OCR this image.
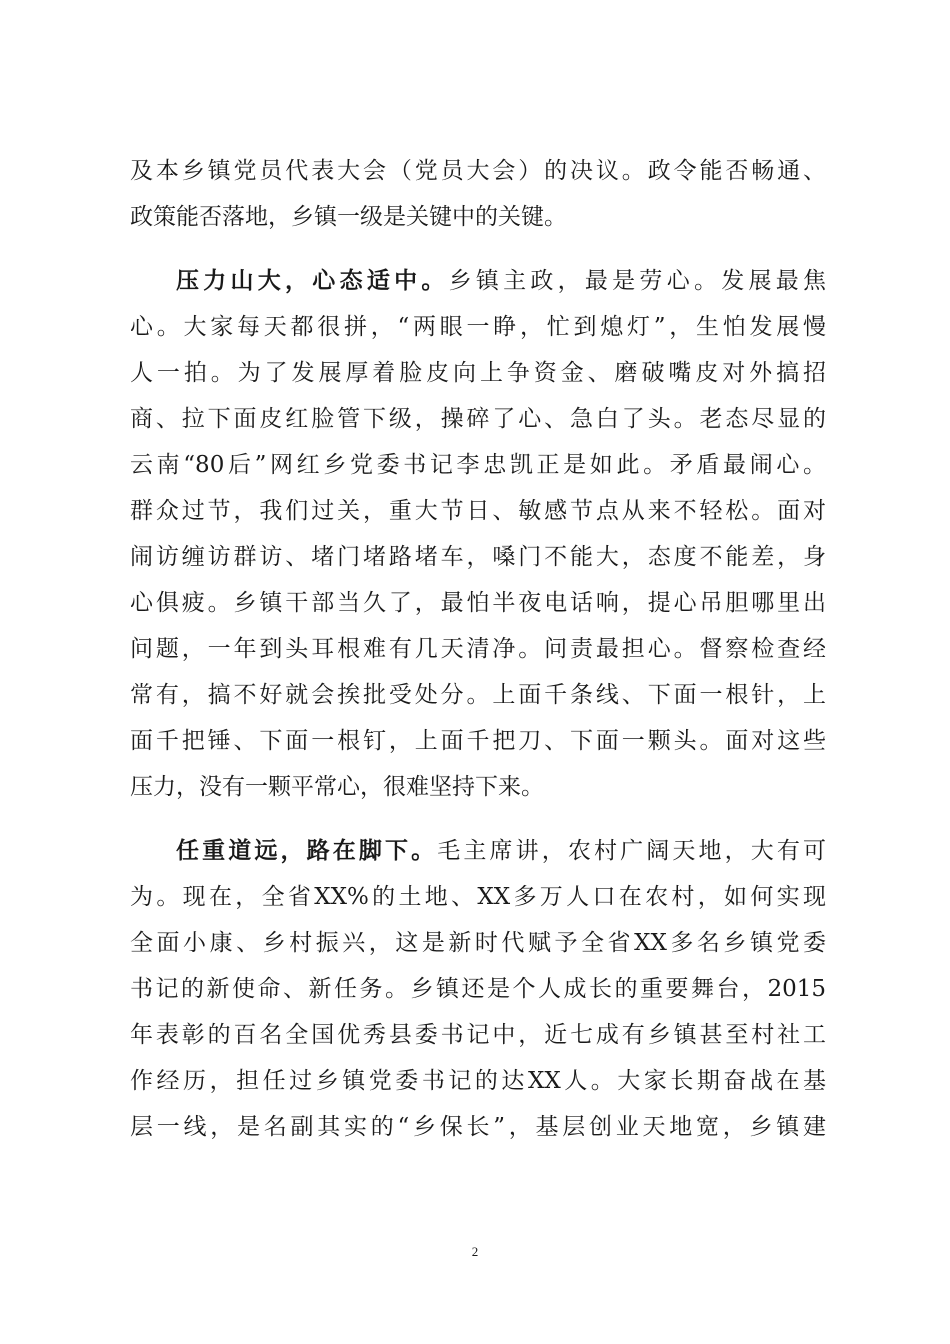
及本乡镇党员代表大会（党员大会）的决议。政令能否畅通、
政策能否落地，乡镇一级是关键中的关键。
压力山大，心态适中。乡镇主政，最是劳心。发展最焦
心。大家每天都很拼，“两眼一睁，忙到熄灯”，生怕发展慢
人一拍。为了发展厚着脸皮向上争资金、磨破嘴皮对外搞招
商、拉下面皮红脸管下级，操碎了心、急白了头。老态尽显的
云南“80后”网红乡党委书记李忠凯正是如此。矛盾最闹心。
群众过节，我们过关，重大节日、敏感节点从来不轻松。面对
闹访缠访群访、堵门堵路堵车，嗓门不能大，态度不能差，身
心俱疲。乡镇干部当久了，最怕半夜电话响，提心吊胆哪里出
问题，一年到头耳根难有几天清净。问责最担心。督察检查经
常有，搞不好就会挨批受处分。上面千条线、下面一根针，上
面千把锤、下面一根钉，上面千把刀、下面一颗头。面对这些
压力，没有一颗平常心，很难坚持下来。
任重道远，路在脚下。毛主席讲，农村广阔天地，大有可
为。现在，全省XX%的土地、XX多万人口在农村，如何实现
全面小康、乡村振兴，这是新时代赋予全省XX多名乡镇党委
书记的新使命、新任务。乡镇还是个人成长的重要舞台，2015
年表彰的百名全国优秀县委书记中，近七成有乡镇甚至村社工
作经历，担任过乡镇党委书记的达XX人。大家长期奋战在基
层一线，是名副其实的“乡保长”，基层创业天地宽，乡镇建
2
